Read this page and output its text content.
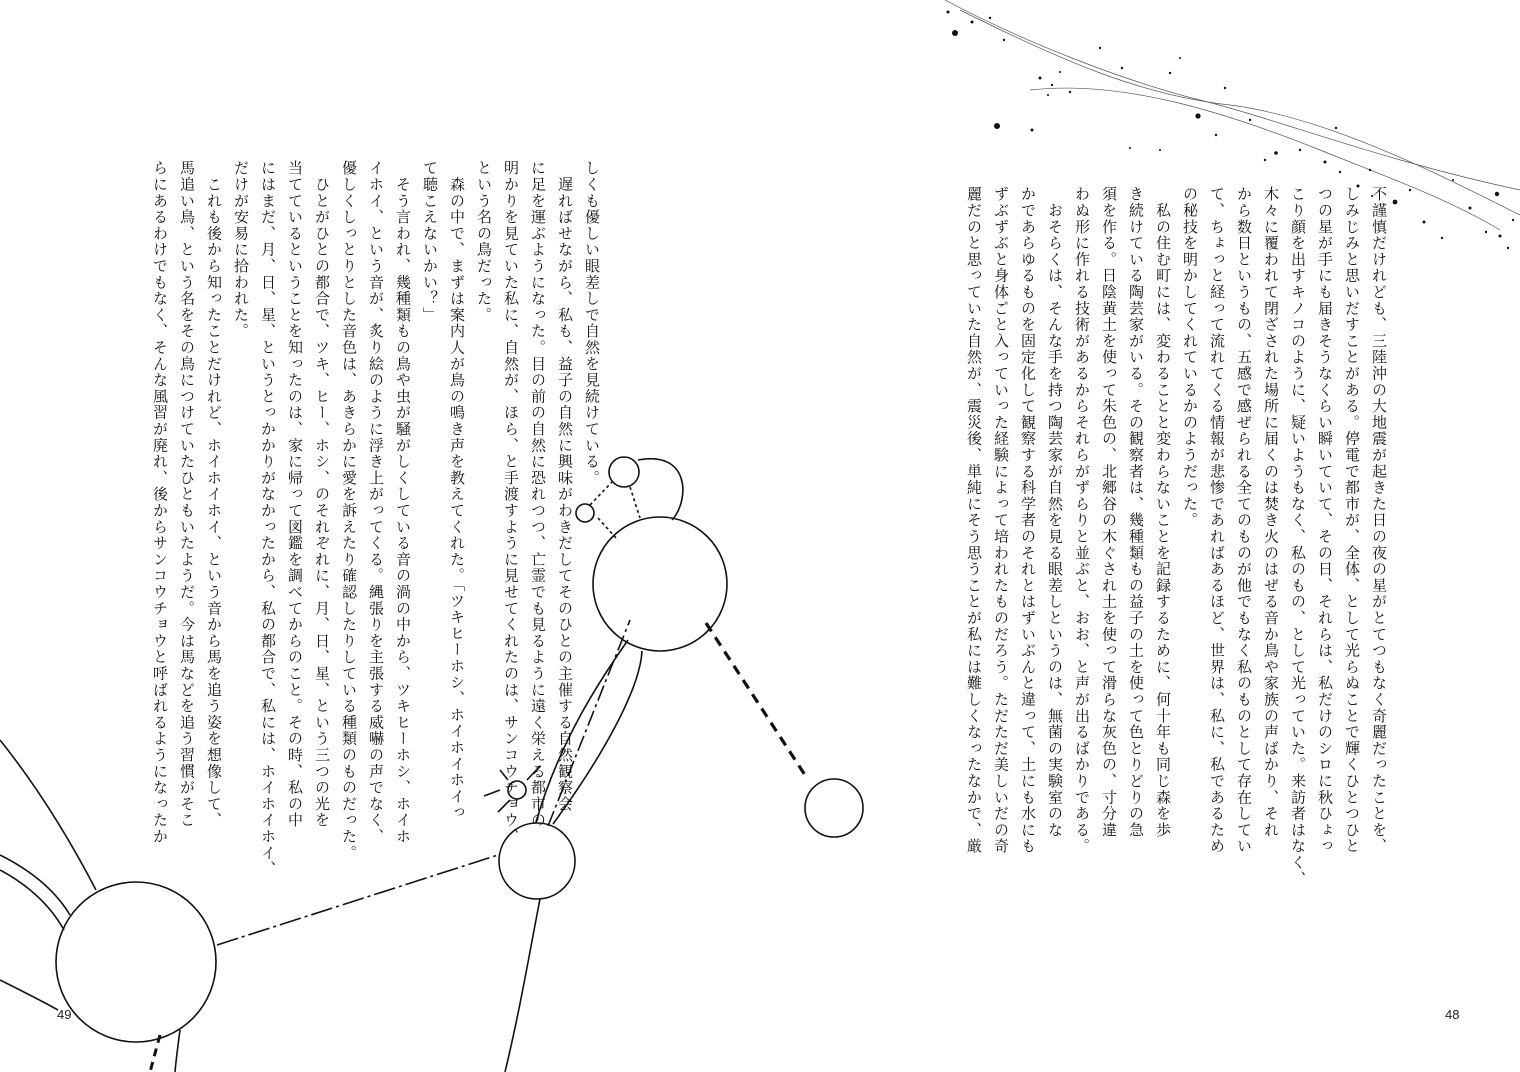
不謹慎だけれども、三陸沖の大地震が起きた日の夜の星がとてつもなく奇麗だったことを、

しみじみと思いだすことがある。停電で都市が、全体、として光らぬことで輝くひとつひと

つの星が手にも届きそうなくらい瞬いていて、その日、それらは、私だけのシロに秋ひょっ

こり顔を出すキノコのように、疑いようもなく、私のもの、として光っていた。来訪者はなく、

木々に覆われて閉ざされた場所に届くのは焚き火のはぜる音か鳥や家族の声ばかり、それ

から数日というもの、五感で感ぜられる全てのものが他でもなく私のものとして存在してい

て、ちょっと経って流れてくる情報が悲惨であればあるほど、世界は、私に、私であるため

の秘技を明かしてくれているかのようだった。

　私の住む町には、変わることと変わらないことを記録するために、何十年も同じ森を歩

き続けている陶芸家がいる。その観察者は、幾種類もの益子の土を使って色とりどりの急

須を作る。日陰黄土を使って朱色の、北郷谷の木ぐされ土を使って滑らな灰色の、寸分違

わぬ形に作れる技術があるからそれらがずらりと並ぶと、おお、と声が出るばかりである。

　おそらくは、そんな手を持つ陶芸家が自然を見る眼差しというのは、無菌の実験室のな

かであらゆるものを固定化して観察する科学者のそれとはずいぶんと違って、土にも水にも

ずぶずぶと身体ごと入っていった経験によって培われたものだろう。ただただ美しいだの奇

麗だのと思っていた自然が、震災後、単純にそう思うことが私には難しくなったなかで、厳

48

しくも優しい眼差しで自然を見続けている。

　遅ればせながら、私も、益子の自然に興味がわきだしてそのひとの主催する自然観察会

に足を運ぶようになった。目の前の自然に恐れつつ、亡霊でも見るように遠く栄える都市の

明かりを見ていた私に、自然が、ほら、と手渡すように見せてくれたのは、サンコウチョウ、

という名の鳥だった。

　森の中で、まずは案内人が鳥の鳴き声を教えてくれた。「ツキヒーホシ、ホイホイホイっ

て聴こえないかい？」

　そう言われ、幾種類もの鳥や虫が騒がしくしている音の渦の中から、ツキヒーホシ、ホイホ

イホイ、という音が、炙り絵のように浮き上がってくる。縄張りを主張する威嚇の声でなく、

優しくしっとりとした音色は、あきらかに愛を訴えたり確認したりしている種類のものだった。

　ひとがひとの都合で、ツキ、ヒー、ホシ、のそれぞれに、月、日、星、という三つの光を

当てているということを知ったのは、家に帰って図鑑を調べてからのこと。その時、私の中

にはまだ、月、日、星、というとっかかりがなかったから、私の都合で、私には、ホイホイホイ、

だけが安易に拾われた。

　これも後から知ったことだけれど、ホイホイホイ、という音から馬を追う姿を想像して、

馬追い鳥、という名をその鳥につけていたひともいたようだ。今は馬などを追う習慣がそこ

らにあるわけでもなく、そんな風習が廃れ、後からサンコウチョウと呼ばれるようになったか

49
